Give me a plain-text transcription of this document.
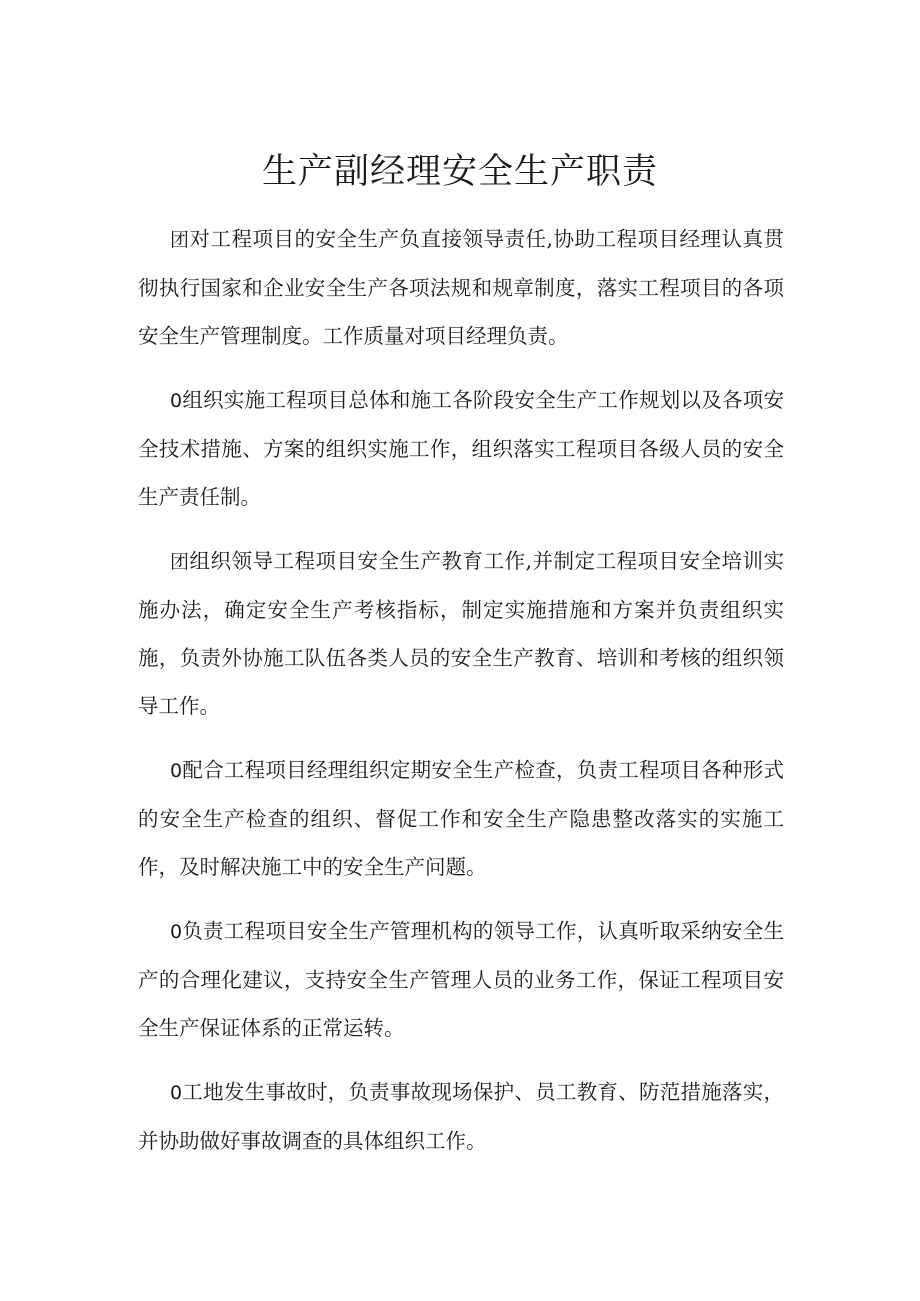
生产副经理安全生产职责

团对工程项目的安全生产负直接领导责任,协助工程项目经理认真贯彻执行国家和企业安全生产各项法规和规章制度，落实工程项目的各项安全生产管理制度。工作质量对项目经理负责。

0组织实施工程项目总体和施工各阶段安全生产工作规划以及各项安全技术措施、方案的组织实施工作，组织落实工程项目各级人员的安全生产责任制。

团组织领导工程项目安全生产教育工作,并制定工程项目安全培训实施办法，确定安全生产考核指标，制定实施措施和方案并负责组织实施，负责外协施工队伍各类人员的安全生产教育、培训和考核的组织领导工作。

0配合工程项目经理组织定期安全生产检查，负责工程项目各种形式的安全生产检查的组织、督促工作和安全生产隐患整改落实的实施工作，及时解决施工中的安全生产问题。

0负责工程项目安全生产管理机构的领导工作，认真听取采纳安全生产的合理化建议，支持安全生产管理人员的业务工作，保证工程项目安全生产保证体系的正常运转。

0工地发生事故时，负责事故现场保护、员工教育、防范措施落实，并协助做好事故调查的具体组织工作。
